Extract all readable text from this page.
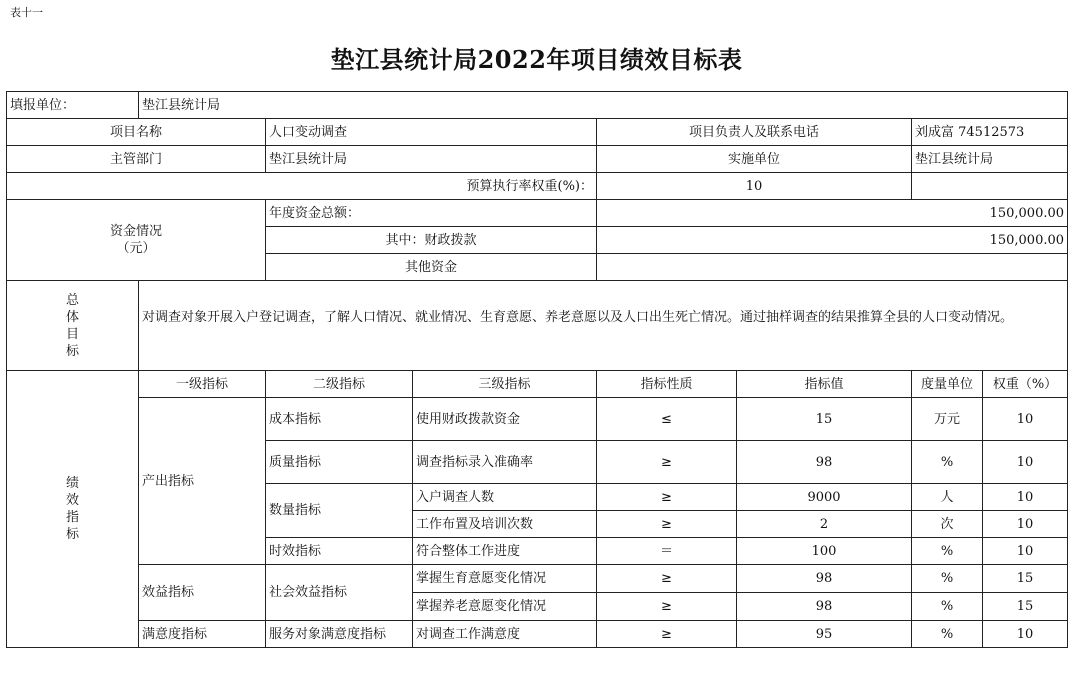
表十一
垫江县统计局2022年项目绩效目标表
填报单位：	垫江县统计局						
项目名称		人口变动调查		项目负责人及联系电话		刘成富 74512573	
主管部门		垫江县统计局		实施单位		垫江县统计局	
预算执行率权重(%)：				10			

资金情况
（元）		年度资金总额：		150,000.00			
		其中：财政拨款		150,000.00			
		其他资金					

总
体
目
标	对调查对象开展入户登记调查，了解人口情况、就业情况、生育意愿、养老意愿以及人口出生死亡情况。通过抽样调查的结果推算全县的人口变动情况。						

绩
效
指
标	一级指标	二级指标	三级指标	指标性质	指标值	度量单位	权重（%）
	产出指标	成本指标	使用财政拨款资金	≤	15	万元	10
		质量指标	调查指标录入准确率	≥	98	%	10
		数量指标	入户调查人数	≥	9000	人	10
			工作布置及培训次数	≥	2	次	10
		时效指标	符合整体工作进度	＝	100	%	10
	效益指标	社会效益指标	掌握生育意愿变化情况	≥	98	%	15
			掌握养老意愿变化情况	≥	98	%	15
	满意度指标	服务对象满意度指标	对调查工作满意度	≥	95	%	10
